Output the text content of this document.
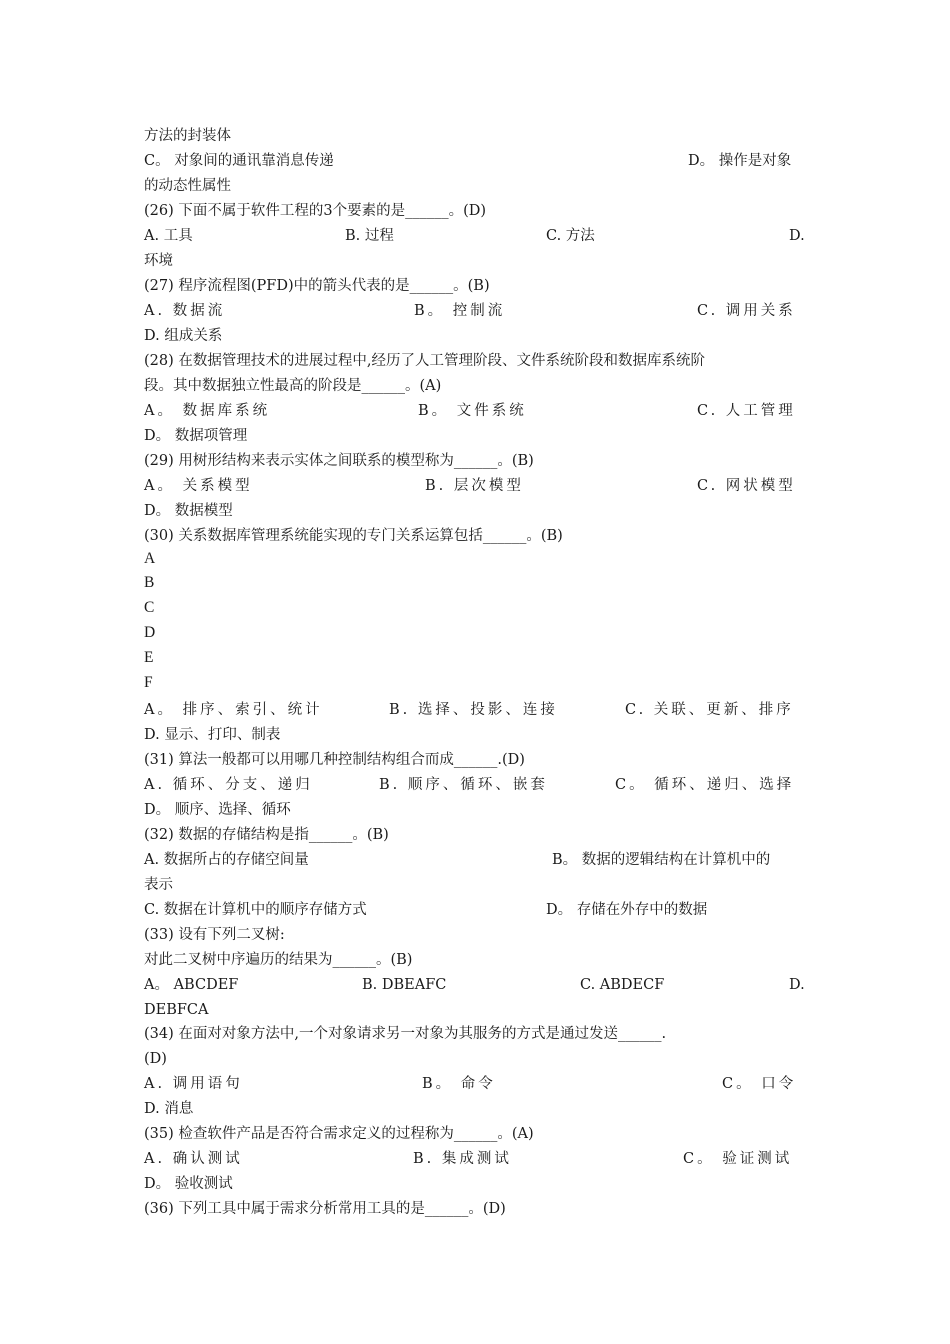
方法的封装体
C。 对象间的通讯靠消息传递	D。 操作是对象
的动态性属性
(26) 下面不属于软件工程的3个要素的是______。(D)
A. 工具	B. 过程	C. 方法	D.
环境
(27) 程序流程图(PFD)中的箭头代表的是______。(B)
A. 数据流	B。 控制流	C. 调用关系
D. 组成关系
(28) 在数据管理技术的进展过程中,经历了人工管理阶段、文件系统阶段和数据库系统阶
段。其中数据独立性最高的阶段是______。(A)
A。 数据库系统	B。 文件系统	C. 人工管理
D。 数据项管理
(29) 用树形结构来表示实体之间联系的模型称为______。(B)
A。 关系模型	B. 层次模型	C. 网状模型
D。 数据模型
(30) 关系数据库管理系统能实现的专门关系运算包括______。(B)
A
B
C
D
E
F
A。 排序、索引、统计	B. 选择、投影、连接	C. 关联、更新、排序
D. 显示、打印、制表
(31) 算法一般都可以用哪几种控制结构组合而成______.(D)
A. 循环、分支、递归	B. 顺序、循环、嵌套	C。 循环、递归、选择
D。 顺序、选择、循环
(32) 数据的存储结构是指______。(B)
A. 数据所占的存储空间量	B。 数据的逻辑结构在计算机中的
表示
C. 数据在计算机中的顺序存储方式	D。 存储在外存中的数据
(33) 设有下列二叉树:
对此二叉树中序遍历的结果为______。(B)
A。 ABCDEF	B. DBEAFC	C. ABDECF	D.
DEBFCA
(34) 在面对对象方法中,一个对象请求另一对象为其服务的方式是通过发送______.
(D)
A. 调用语句	B。 命令	C。 口令
D. 消息
(35) 检查软件产品是否符合需求定义的过程称为______。(A)
A. 确认测试	B. 集成测试	C。 验证测试
D。 验收测试
(36) 下列工具中属于需求分析常用工具的是______。(D)
